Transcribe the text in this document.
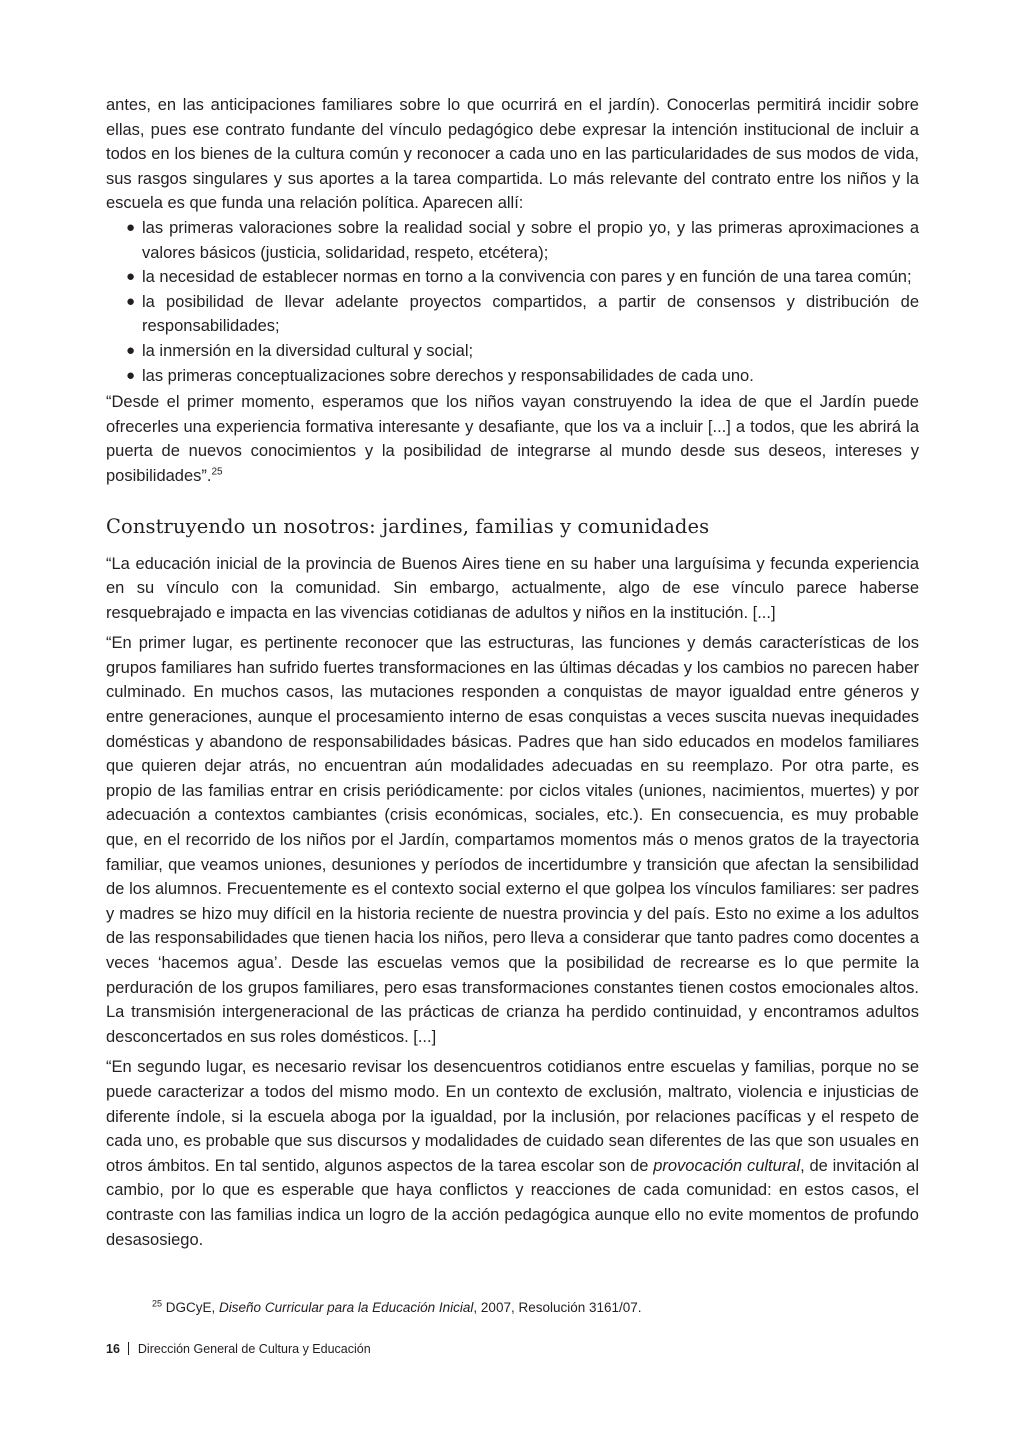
antes, en las anticipaciones familiares sobre lo que ocurrirá en el jardín). Conocerlas permitirá incidir sobre ellas, pues ese contrato fundante del vínculo pedagógico debe expresar la intención institucional de incluir a todos en los bienes de la cultura común y reconocer a cada uno en las particularidades de sus modos de vida, sus rasgos singulares y sus aportes a la tarea compartida. Lo más relevante del contrato entre los niños y la escuela es que funda una relación política. Aparecen allí:

● las primeras valoraciones sobre la realidad social y sobre el propio yo, y las primeras aproximaciones a valores básicos (justicia, solidaridad, respeto, etcétera);
● la necesidad de establecer normas en torno a la convivencia con pares y en función de una tarea común;
● la posibilidad de llevar adelante proyectos compartidos, a partir de consensos y distribución de responsabilidades;
● la inmersión en la diversidad cultural y social;
● las primeras conceptualizaciones sobre derechos y responsabilidades de cada uno.

“Desde el primer momento, esperamos que los niños vayan construyendo la idea de que el Jardín puede ofrecerles una experiencia formativa interesante y desafiante, que los va a incluir [...] a todos, que les abrirá la puerta de nuevos conocimientos y la posibilidad de integrarse al mundo desde sus deseos, intereses y posibilidades”.$^{25}$

Construyendo un nosotros: jardines, familias y comunidades

“La educación inicial de la provincia de Buenos Aires tiene en su haber una larguísima y fecunda experiencia en su vínculo con la comunidad. Sin embargo, actualmente, algo de ese vínculo parece haberse resquebrajado e impacta en las vivencias cotidianas de adultos y niños en la institución. [...]

“En primer lugar, es pertinente reconocer que las estructuras, las funciones y demás características de los grupos familiares han sufrido fuertes transformaciones en las últimas décadas y los cambios no parecen haber culminado. En muchos casos, las mutaciones responden a conquistas de mayor igualdad entre géneros y entre generaciones, aunque el procesamiento interno de esas conquistas a veces suscita nuevas inequidades domésticas y abandono de responsabilidades básicas. Padres que han sido educados en modelos familiares que quieren dejar atrás, no encuentran aún modalidades adecuadas en su reemplazo. Por otra parte, es propio de las familias entrar en crisis periódicamente: por ciclos vitales (uniones, nacimientos, muertes) y por adecuación a contextos cambiantes (crisis económicas, sociales, etc.). En consecuencia, es muy probable que, en el recorrido de los niños por el Jardín, compartamos momentos más o menos gratos de la trayectoria familiar, que veamos uniones, desuniones y períodos de incertidumbre y transición que afectan la sensibilidad de los alumnos. Frecuentemente es el contexto social externo el que golpea los vínculos familiares: ser padres y madres se hizo muy difícil en la historia reciente de nuestra provincia y del país. Esto no exime a los adultos de las responsabilidades que tienen hacia los niños, pero lleva a considerar que tanto padres como docentes a veces ‘hacemos agua’. Desde las escuelas vemos que la posibilidad de recrearse es lo que permite la perduración de los grupos familiares, pero esas transformaciones constantes tienen costos emocionales altos. La transmisión intergeneracional de las prácticas de crianza ha perdido continuidad, y encontramos adultos desconcertados en sus roles domésticos. [...]

“En segundo lugar, es necesario revisar los desencuentros cotidianos entre escuelas y familias, porque no se puede caracterizar a todos del mismo modo. En un contexto de exclusión, maltrato, violencia e injusticias de diferente índole, si la escuela aboga por la igualdad, por la inclusión, por relaciones pacíficas y el respeto de cada uno, es probable que sus discursos y modalidades de cuidado sean diferentes de las que son usuales en otros ámbitos. En tal sentido, algunos aspectos de la tarea escolar son de provocación cultural, de invitación al cambio, por lo que es esperable que haya conflictos y reacciones de cada comunidad: en estos casos, el contraste con las familias indica un logro de la acción pedagógica aunque ello no evite momentos de profundo desasosiego.

$^{25}$ DGCyE, Diseño Curricular para la Educación Inicial, 2007, Resolución 3161/07.
16 Dirección General de Cultura y Educación
